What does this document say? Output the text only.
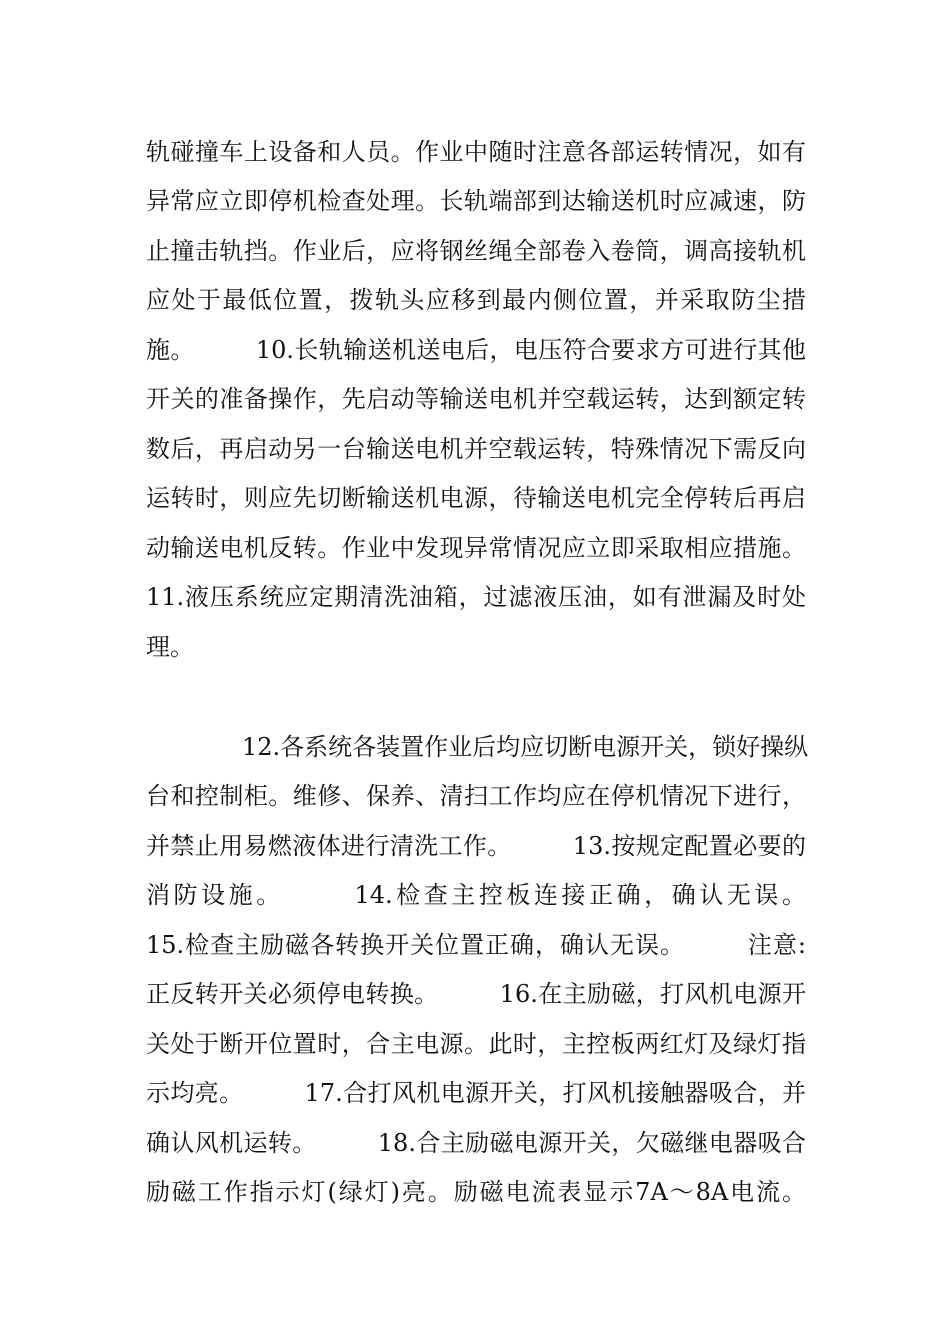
轨碰撞车上设备和人员。作业中随时注意各部运转情况，如有
异常应立即停机检查处理。长轨端部到达输送机时应减速，防
止撞击轨挡。作业后，应将钢丝绳全部卷入卷筒，调高接轨机
应处于最低位置，拨轨头应移到最内侧位置，并采取防尘措
施。　　　10.长轨输送机送电后，电压符合要求方可进行其他
开关的准备操作，先启动等输送电机并空载运转，达到额定转
数后，再启动另一台输送电机并空载运转，特殊情况下需反向
运转时，则应先切断输送机电源，待输送电机完全停转后再启
动输送电机反转。作业中发现异常情况应立即采取相应措施。
11.液压系统应定期清洗油箱，过滤液压油，如有泄漏及时处
理。
　　　　12.各系统各装置作业后均应切断电源开关，锁好操纵
台和控制柜。维修、保养、清扫工作均应在停机情况下进行，
并禁止用易燃液体进行清洗工作。　　　13.按规定配置必要的
消防设施。　　　14.检查主控板连接正确，确认无误。
15.检查主励磁各转换开关位置正确，确认无误。　　　注意:
正反转开关必须停电转换。　　　16.在主励磁，打风机电源开
关处于断开位置时，合主电源。此时，主控板两红灯及绿灯指
示均亮。　　　17.合打风机电源开关，打风机接触器吸合，并
确认风机运转。　　　18.合主励磁电源开关，欠磁继电器吸合
励磁工作指示灯(绿灯)亮。励磁电流表显示7A～8A电流。
